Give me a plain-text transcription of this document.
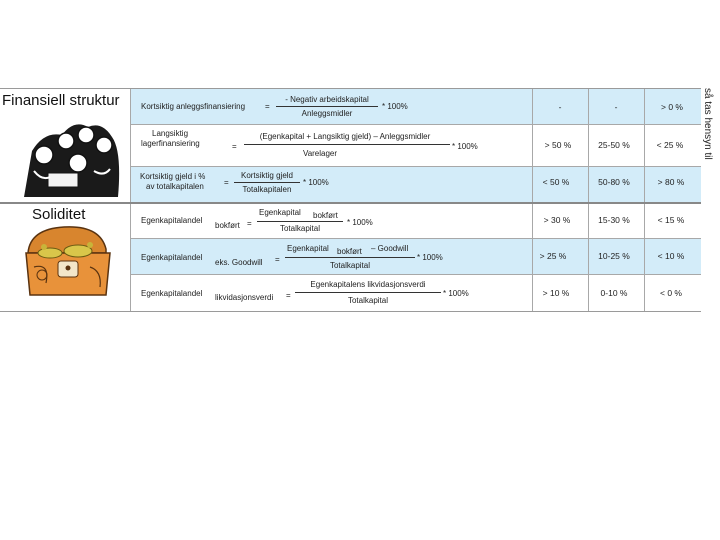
Finansiell struktur
Soliditet
Kortsiktig anleggsfinansiering =
- Negativ arbeidskapital
Anleggsmidler
* 100%	-	-	> 0 %
Langsiktig
lagerfinansiering	=
(Egenkapital + Langsiktig gjeld) – Anleggsmidler
Varelager
* 100%	> 50 %	25-50 %	< 25 %
Kortsiktig gjeld i %
av totalkapitalen	=
Kortsiktig gjeld
Totalkapitalen
* 100%	< 50 %	50-80 %	> 80 %
Egenkapitalandel
bokført =
Egenkapital bokført
Totalkapital
* 100%	> 30 %	15-30 %	< 15 %
Egenkapitalandel
eks. Goodwill =
Egenkapital bokført – Goodwill
Totalkapital
* 100%	> 25 %	10-25 %	< 10 %
Egenkapitalandel likvidasjonsverdi =
Egenkapitalens likvidasjonsverdi
Totalkapital
* 100%	> 10 %	0-10 %	< 0 %
så tas hensyn til
